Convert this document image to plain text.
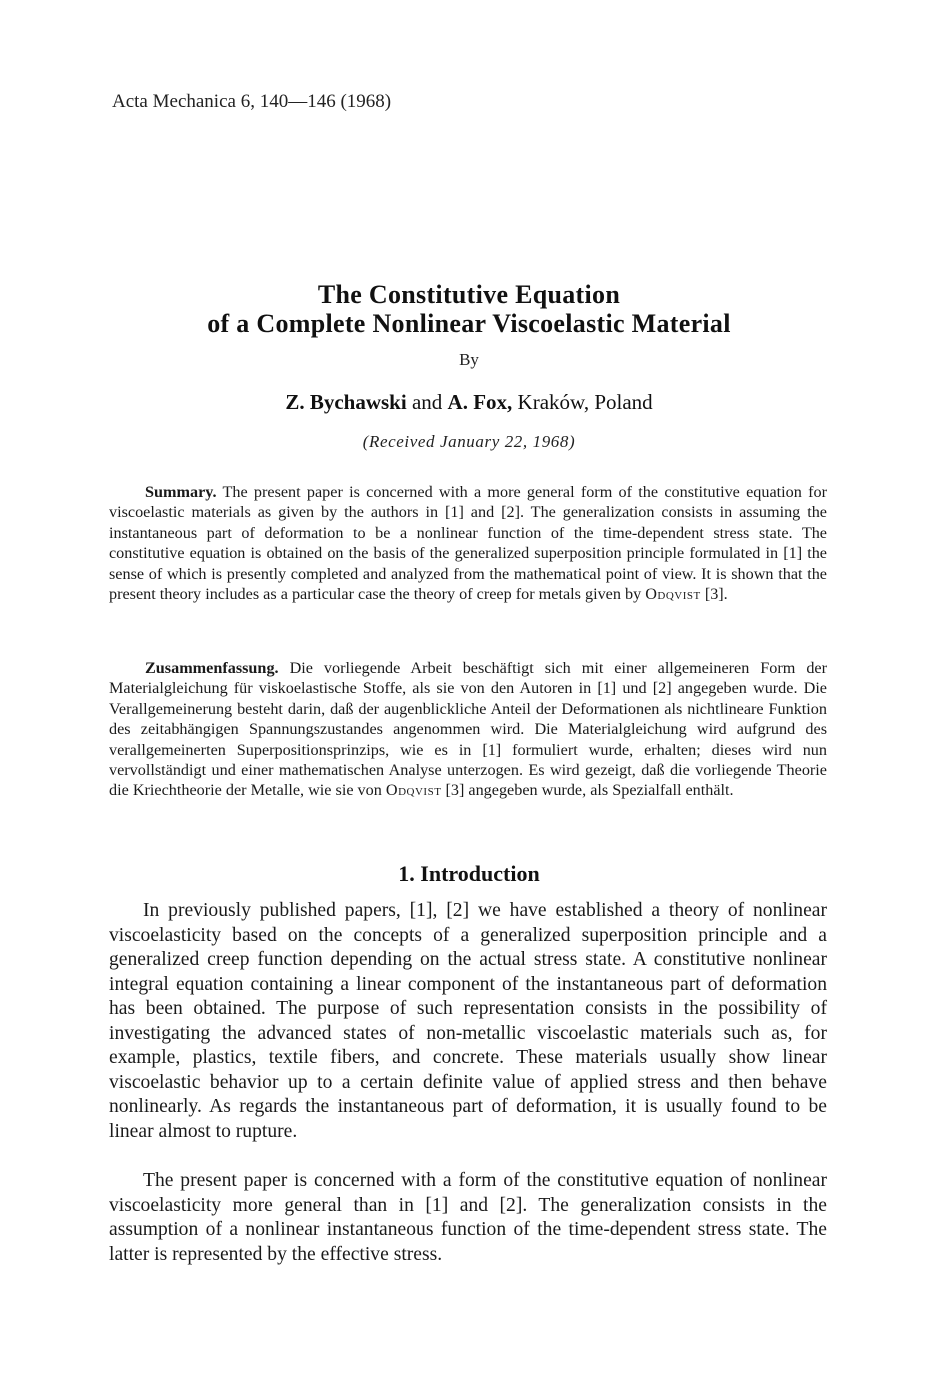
Acta Mechanica 6, 140—146 (1968)
The Constitutive Equation
of a Complete Nonlinear Viscoelastic Material
By
Z. Bychawski and A. Fox, Kraków, Poland
(Received January 22, 1968)
Summary. The present paper is concerned with a more general form of the constitutive equation for viscoelastic materials as given by the authors in [1] and [2]. The generalization consists in assuming the instantaneous part of deformation to be a nonlinear function of the time-dependent stress state. The constitutive equation is obtained on the basis of the generalized superposition principle formulated in [1] the sense of which is presently completed and analyzed from the mathematical point of view. It is shown that the present theory includes as a particular case the theory of creep for metals given by Odqvist [3].
Zusammenfassung. Die vorliegende Arbeit beschäftigt sich mit einer allgemeineren Form der Materialgleichung für viskoelastische Stoffe, als sie von den Autoren in [1] und [2] angegeben wurde. Die Verallgemeinerung besteht darin, daß der augenblickliche Anteil der Deformationen als nichtlineare Funktion des zeitabhängigen Spannungszustandes angenommen wird. Die Materialgleichung wird aufgrund des verallgemeinerten Superpositionsprinzips, wie es in [1] formuliert wurde, erhalten; dieses wird nun vervollständigt und einer mathematischen Analyse unterzogen. Es wird gezeigt, daß die vorliegende Theorie die Kriechtheorie der Metalle, wie sie von Odqvist [3] angegeben wurde, als Spezialfall enthält.
1. Introduction
In previously published papers, [1], [2] we have established a theory of nonlinear viscoelasticity based on the concepts of a generalized superposition principle and a generalized creep function depending on the actual stress state. A constitutive nonlinear integral equation containing a linear component of the instantaneous part of deformation has been obtained. The purpose of such representation consists in the possibility of investigating the advanced states of non-metallic viscoelastic materials such as, for example, plastics, textile fibers, and concrete. These materials usually show linear viscoelastic behavior up to a certain definite value of applied stress and then behave nonlinearly. As regards the instantaneous part of deformation, it is usually found to be linear almost to rupture.
The present paper is concerned with a form of the constitutive equation of nonlinear viscoelasticity more general than in [1] and [2]. The generalization consists in the assumption of a nonlinear instantaneous function of the time-dependent stress state. The latter is represented by the effective stress.
